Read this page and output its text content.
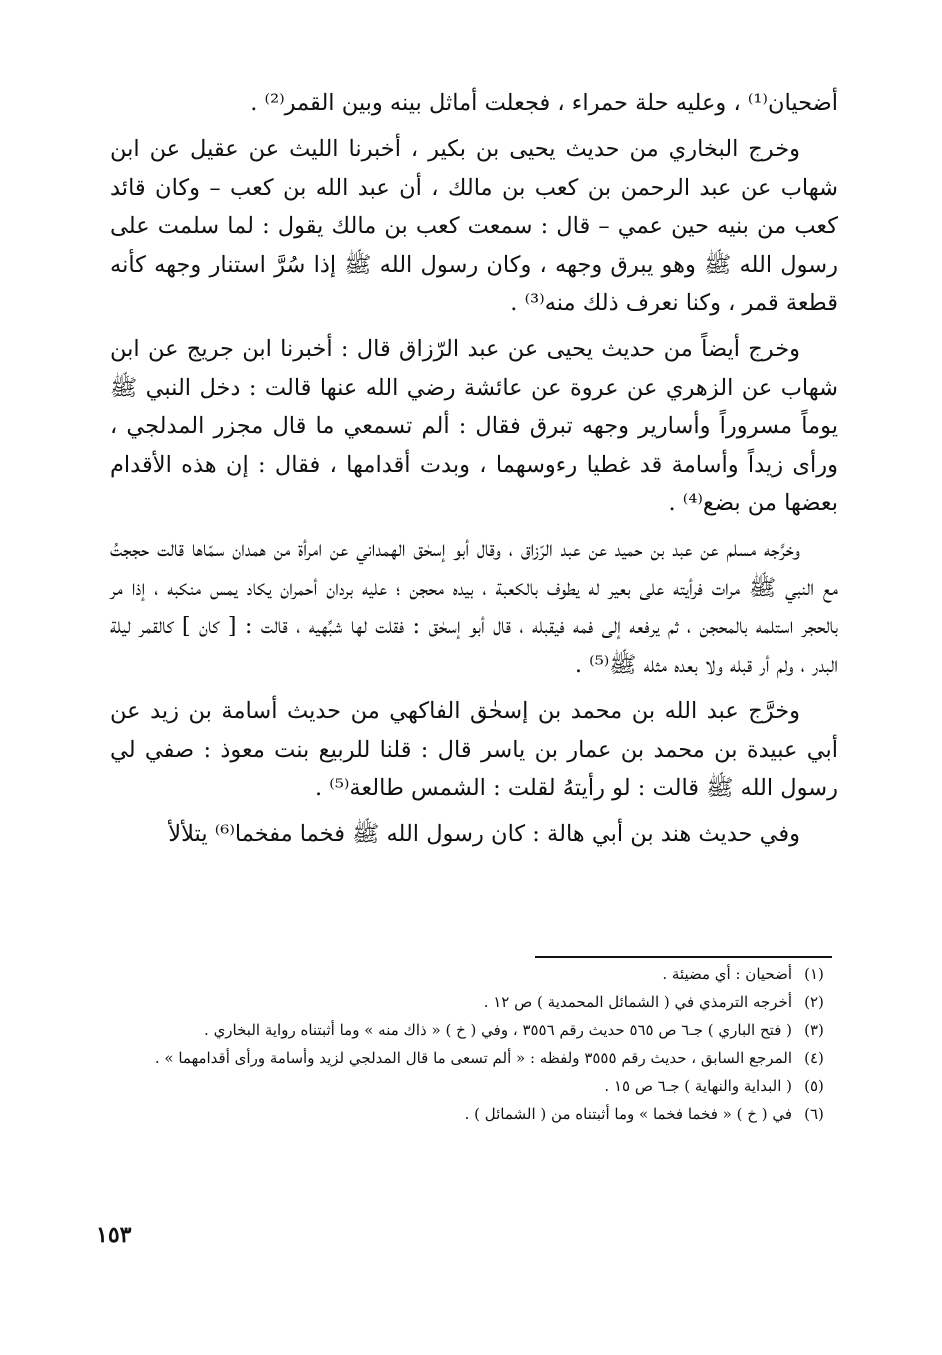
أضحيان⁽¹⁾ ، وعليه حلة حمراء ، فجعلت أماثل بينه وبين القمر⁽²⁾ .

وخرج البخاري من حديث يحيى بن بكير ، أخبرنا الليث عن عقيل عن ابن شهاب عن عبد الرحمن بن كعب بن مالك ، أن عبد الله بن كعب – وكان قائد كعب من بنيه حين عمي – قال : سمعت كعب بن مالك يقول : لما سلمت على رسول الله ﷺ وهو يبرق وجهه ، وكان رسول الله ﷺ إذا سُرَّ استنار وجهه كأنه قطعة قمر ، وكنا نعرف ذلك منه⁽³⁾ .

وخرج أيضاً من حديث يحيى عن عبد الرّزاق قال : أخبرنا ابن جريج عن ابن شهاب عن الزهري عن عروة عن عائشة رضي الله عنها قالت : دخل النبي ﷺ يوماً مسروراً وأسارير وجهه تبرق فقال : ألم تسمعي ما قال مجزر المدلجي ، ورأى زيداً وأسامة قد غطيا رءوسهما ، وبدت أقدامها ، فقال : إن هذه الأقدام بعضها من بضع⁽⁴⁾ .

وخرَّجه مسلم عن عبد بن حميد عن عبد الرّزاق ، وقال أبو إسحٰق الهمداني عن امرأة من همدان سمّاها قالت حججتُ مع النبي ﷺ مرات فرأيته على بعير له يطوف بالكعبة ، بيده محجن ؛ عليه بردان أحمران يكاد يمس منكبه ، إذا مر بالحجر استلمه بالمحجن ، ثم يرفعه إلى فمه فيقبله ، قال أبو إسحٰق : فقلت لها شبِّهيه ، قالت : [ كان ] كالقمر ليلة البدر ، ولم أر قبله ولا بعده مثله ﷺ⁽⁵⁾ .

وخرَّج عبد الله بن محمد بن إسحٰق الفاكهي من حديث أسامة بن زيد عن أبي عبيدة بن محمد بن عمار بن ياسر قال : قلنا للربيع بنت معوذ : صفي لي رسول الله ﷺ قالت : لو رأيتهُ لقلت : الشمس طالعة⁽⁵⁾ .

وفي حديث هند بن أبي هالة : كان رسول الله ﷺ فخما مفخما⁽⁶⁾ يتلألأ

(١)
أضحيان : أي مضيئة .
(٢)
أخرجه الترمذي في ( الشمائل المحمدية ) ص ١٢ .
(٣)
( فتح الباري ) جـ٦ ص ٥٦٥ حديث رقم ٣٥٥٦ ، وفي ( خ ) « ذاك منه » وما أثبتناه رواية البخاري .
(٤)
المرجع السابق ، حديث رقم ٣٥٥٥ ولفظه : « ألم تسعى ما قال المدلجي لزيد وأسامة ورأى أقدامهما » .
(٥)
( البداية والنهاية ) جـ٦ ص ١٥ .
(٦)
في ( خ ) « فخما فخما » وما أثبتناه من ( الشمائل ) .
١٥٣
